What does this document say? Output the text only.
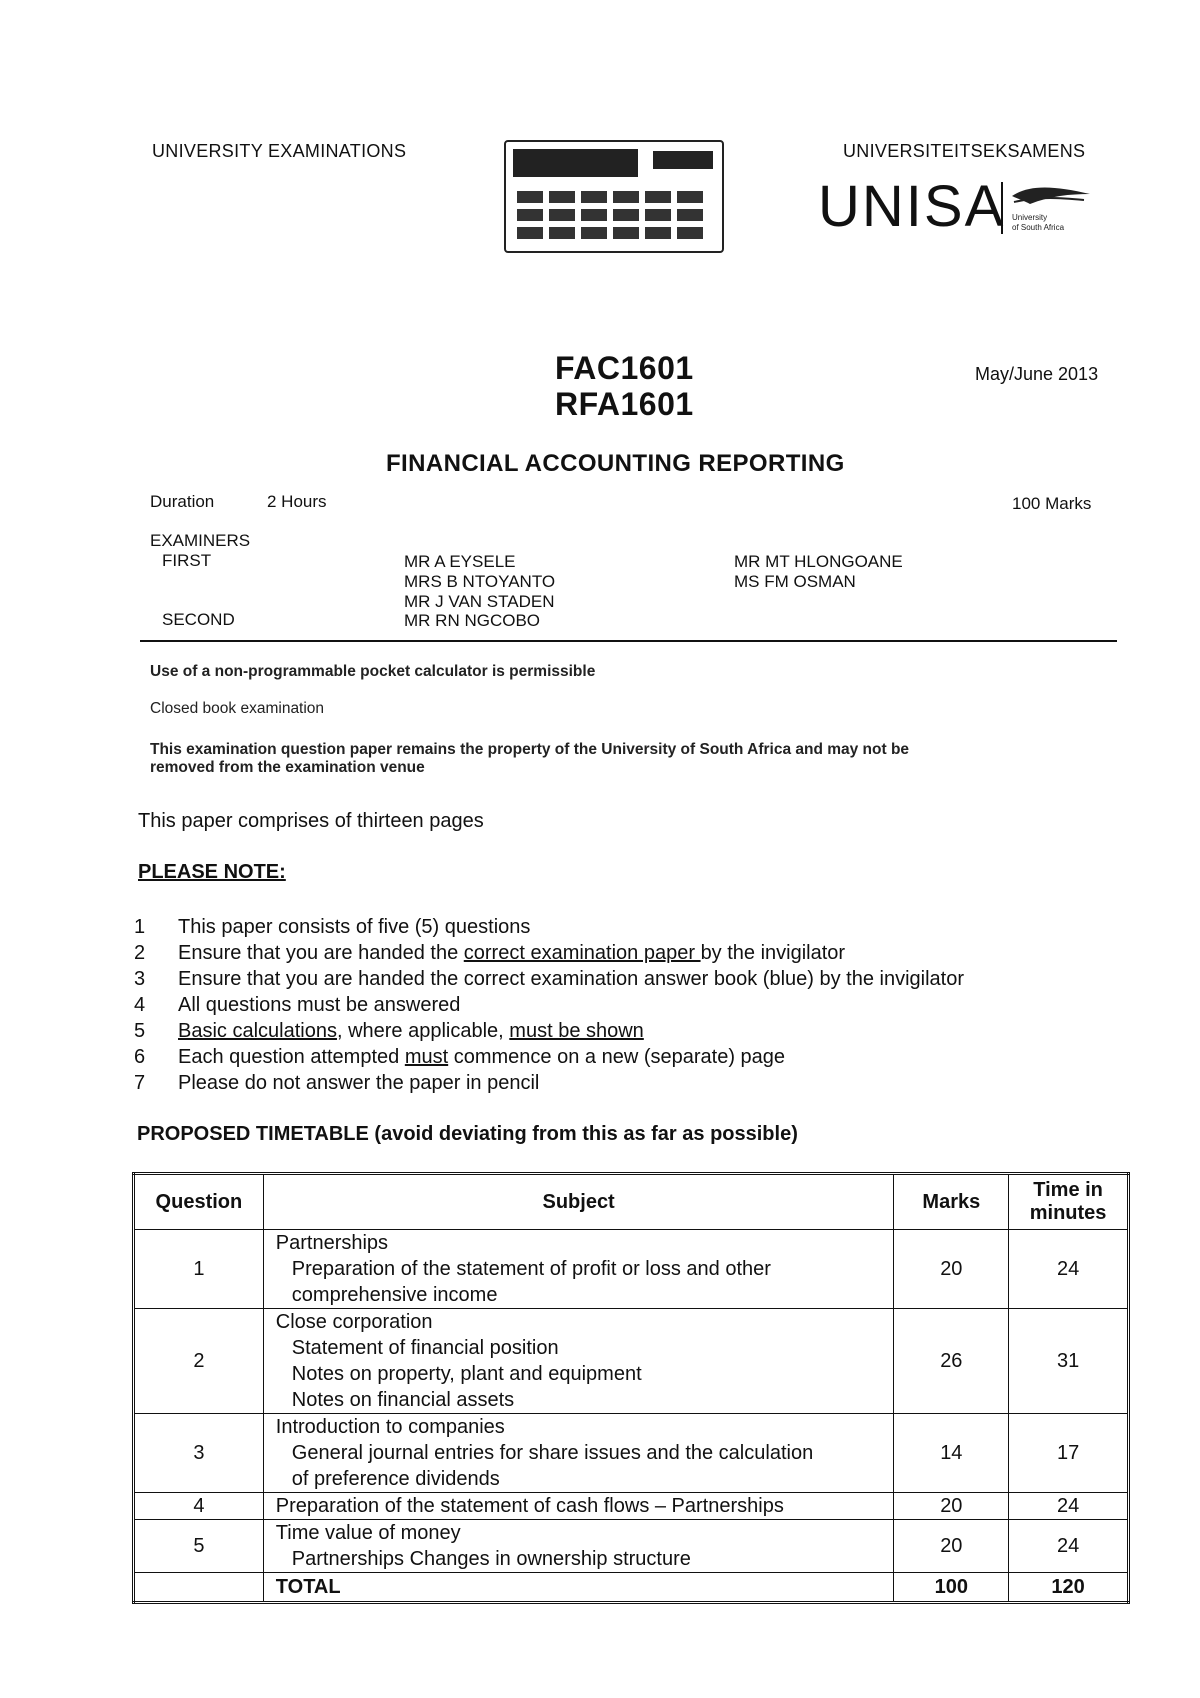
UNIVERSITY EXAMINATIONS	UNIVERSITEITSEKSAMENS
UNISA University
of South Africa
FAC1601
RFA1601
May/June 2013
FINANCIAL ACCOUNTING REPORTING
Duration	2 Hours	100 Marks
EXAMINERS
FIRST	MR A EYSELE
MRS B NTOYANTO
MR J VAN STADEN
MR MT HLONGOANE
MS FM OSMAN
SECOND	MR RN NGCOBO
Use of a non-programmable pocket calculator is permissible
Closed book examination
This examination question paper remains the property of the University of South Africa and may not be
removed from the examination venue
This paper comprises of thirteen pages
PLEASE NOTE:
1	This paper consists of five (5) questions
2	Ensure that you are handed the correct examination paper by the invigilator
3	Ensure that you are handed the correct examination answer book (blue) by the invigilator
4	All questions must be answered
5	Basic calculations, where applicable, must be shown
6	Each question attempted must commence on a new (separate) page
7	Please do not answer the paper in pencil
PROPOSED TIMETABLE (avoid deviating from this as far as possible)
Question	Subject	Marks	Time in minutes
1	Partnerships
Preparation of the statement of profit or loss and other
comprehensive income	20	24
2	Close corporation
Statement of financial position
Notes on property, plant and equipment
Notes on financial assets	26	31
3	Introduction to companies
General journal entries for share issues and the calculation
of preference dividends	14	17
4	Preparation of the statement of cash flows – Partnerships	20	24
5	Time value of money
Partnerships Changes in ownership structure	20	24
	TOTAL	100	120
